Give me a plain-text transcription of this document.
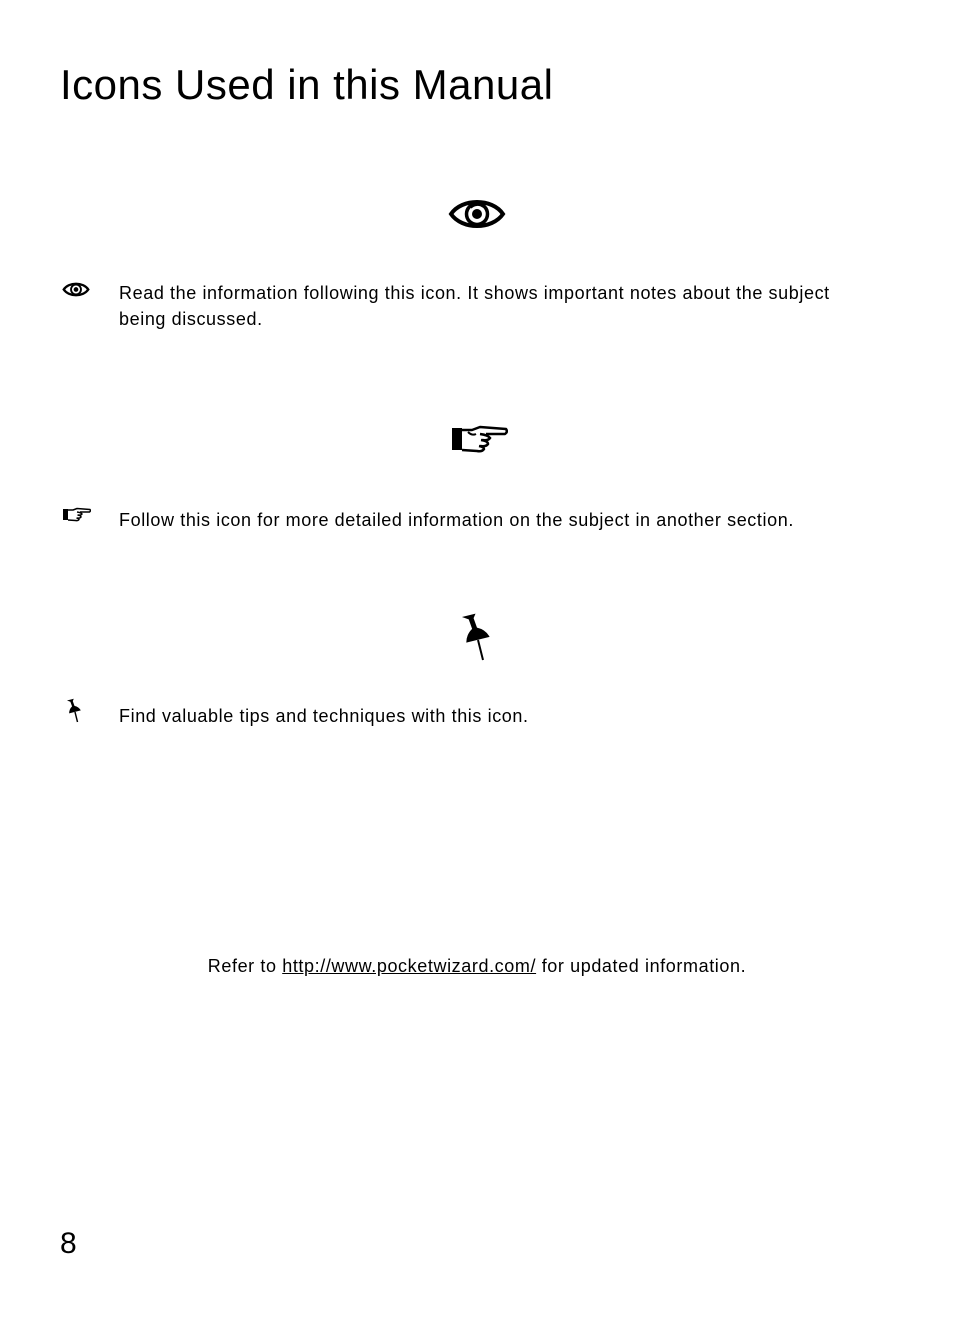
Icons Used in this Manual

Read the information following this icon. It shows important notes about the subject being discussed.

Follow this icon for more detailed information on the subject in another section.

Find valuable tips and techniques with this icon.

Refer to http://www.pocketwizard.com/ for updated information.
8
